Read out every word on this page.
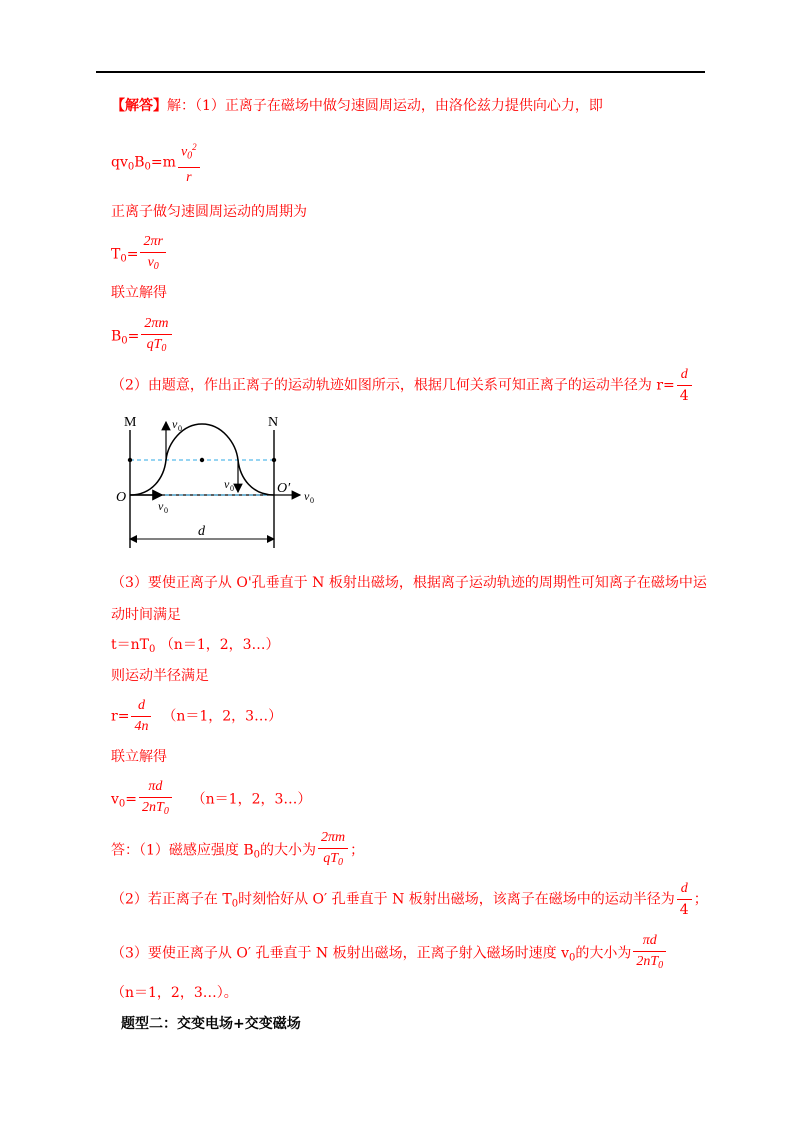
【解答】解：（1）正离子在磁场中做匀速圆周运动，由洛伦兹力提供向心力，即
$qv_0B_0=m \frac{v_0^2}{r}$
正离子做匀速圆周运动的周期为
$T_0= \frac{2\pi r}{v_0}$
联立解得
$B_0= \frac{2\pi m}{qT_0}$
（2）由题意，作出正离子的运动轨迹如图所示，根据几何关系可知正离子的运动半径为 $r= \frac{d}{4}$
M	N
O
O′
v 0
v 0
v 0
v 0
d
（3）要使正离子从 O'孔垂直于 N 板射出磁场，根据离子运动轨迹的周期性可知离子在磁场中运
动时间满足
$t=nT_0$ （n＝1，2，3…）
则运动半径满足
$r= \frac{d}{4n} (n=1$，2，3…）
联立解得
$v_0= \frac{\pi d}{2nT_0} (n=1$，2，3…）
答：（1）磁感应强度 $B_0$的大小为 $\frac{2\pi m}{qT_0}$ ；
（2）若正离子在 $T_0$时刻恰好从 O′ 孔垂直于 N 板射出磁场，该离子在磁场中的运动半径为 $\frac{d}{4}$ ；
（3）要使正离子从 O′ 孔垂直于 N 板射出磁场，正离子射入磁场时速度 $v_0$的大小为 $\frac{\pi d}{2nT_0}$
（n＝1，2，3…）。
题型二：交变电场+交变磁场
